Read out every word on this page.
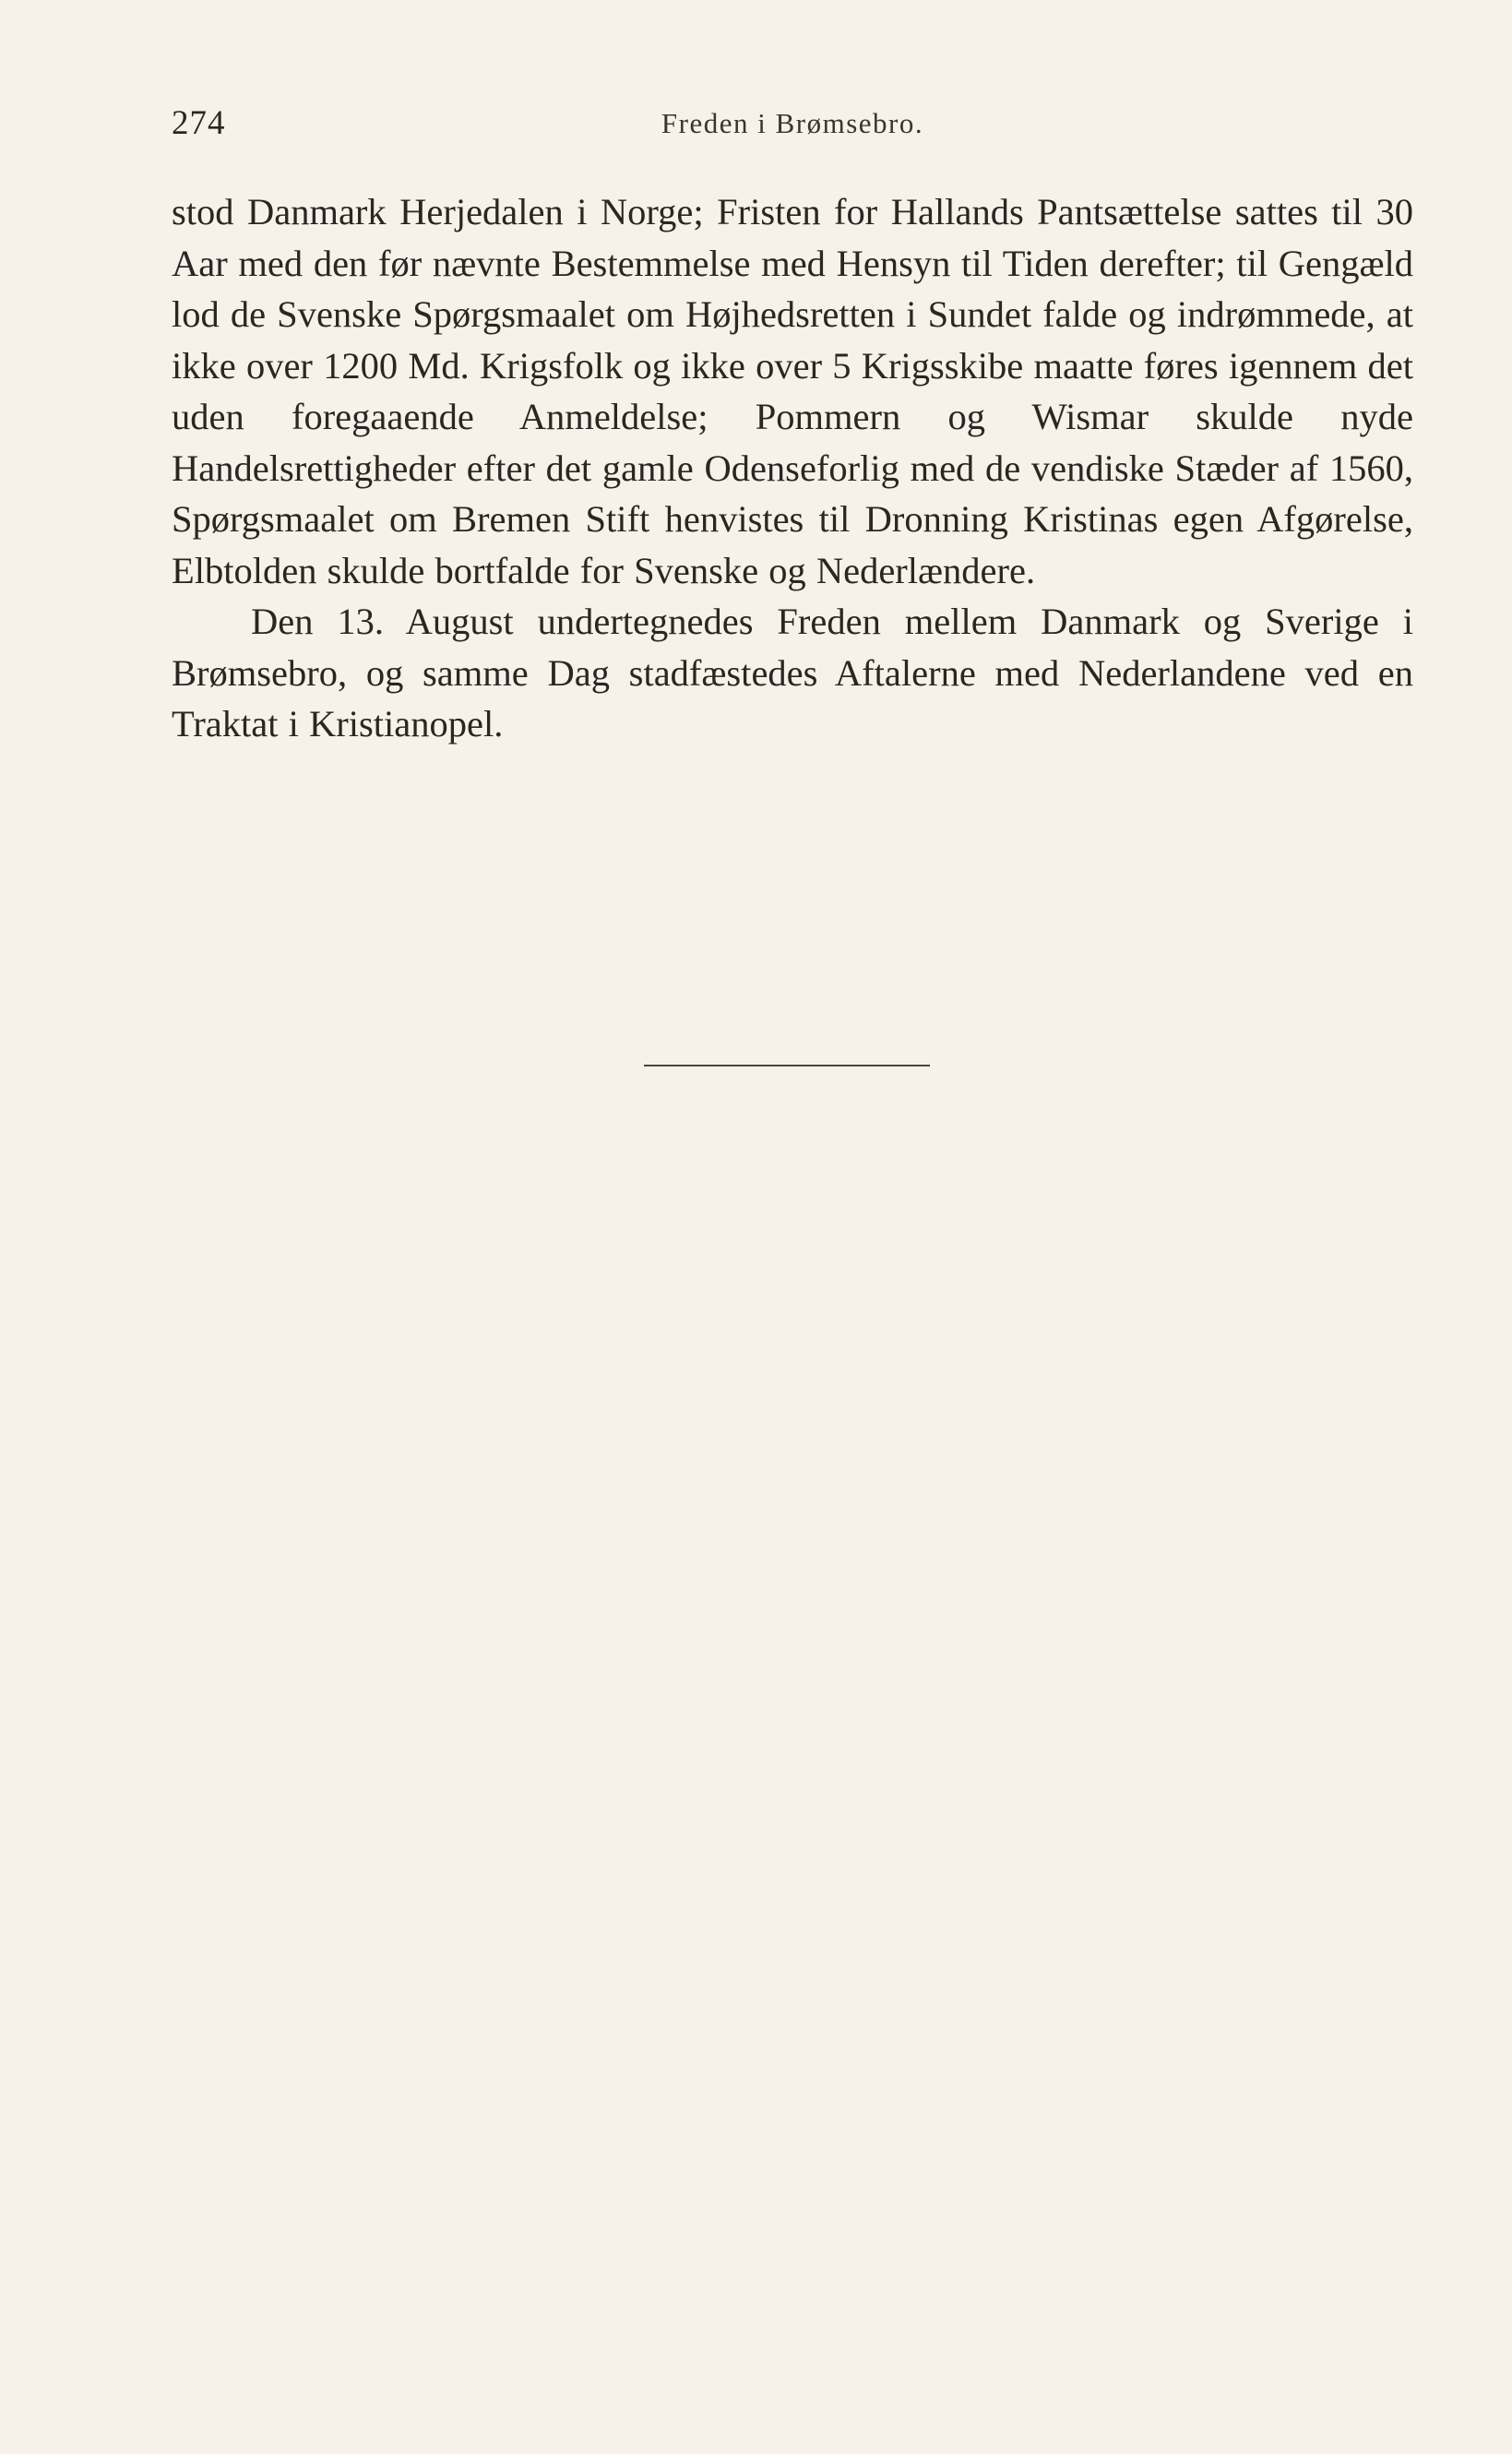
274	Freden i Brømsebro.

stod Danmark Herjedalen i Norge; Fristen for Hallands Pantsættelse sattes til 30 Aar med den før nævnte Bestemmelse med Hensyn til Tiden derefter; til Gengæld lod de Svenske Spørgsmaalet om Højhedsretten i Sundet falde og indrømmede, at ikke over 1200 Md. Krigsfolk og ikke over 5 Krigsskibe maatte føres igennem det uden foregaaende Anmeldelse; Pommern og Wismar skulde nyde Handelsrettigheder efter det gamle Odenseforlig med de vendiske Stæder af 1560, Spørgsmaalet om Bremen Stift henvistes til Dronning Kristinas egen Afgørelse, Elbtolden skulde bortfalde for Svenske og Nederlændere.

Den 13. August undertegnedes Freden mellem Danmark og Sverige i Brømsebro, og samme Dag stadfæstedes Aftalerne med Nederlandene ved en Traktat i Kristianopel.
